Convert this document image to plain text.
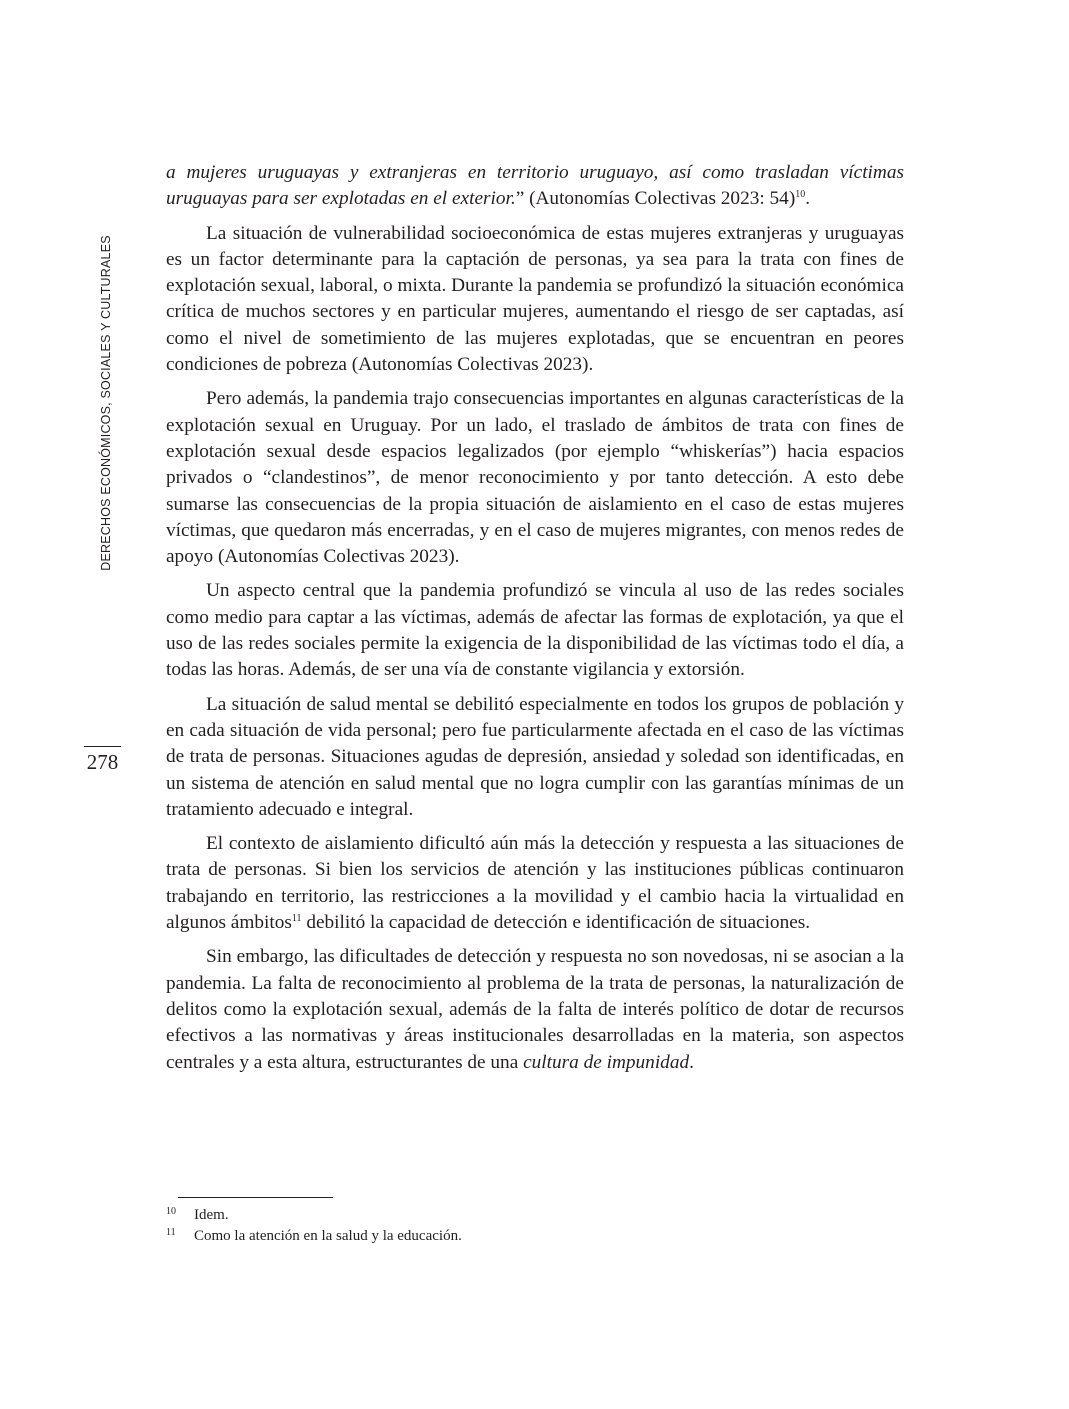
DERECHOS ECONÓMICOS, SOCIALES Y CULTURALES
278

a mujeres uruguayas y extranjeras en territorio uruguayo, así como trasladan víctimas uruguayas para ser explotadas en el exterior.” (Autonomías Colectivas 2023: 54)$^{10}$.

La situación de vulnerabilidad socioeconómica de estas mujeres extranjeras y uruguayas es un factor determinante para la captación de personas, ya sea para la trata con fines de explotación sexual, laboral, o mixta. Durante la pandemia se profundizó la situación económica crítica de muchos sectores y en particular mujeres, aumentando el riesgo de ser captadas, así como el nivel de sometimiento de las mujeres explotadas, que se encuentran en peores condiciones de pobreza (Autonomías Colectivas 2023).

Pero además, la pandemia trajo consecuencias importantes en algunas características de la explotación sexual en Uruguay. Por un lado, el traslado de ámbitos de trata con fines de explotación sexual desde espacios legalizados (por ejemplo “whiskerías”) hacia espacios privados o “clandestinos”, de menor reconocimiento y por tanto detección. A esto debe sumarse las consecuencias de la propia situación de aislamiento en el caso de estas mujeres víctimas, que quedaron más encerradas, y en el caso de mujeres migrantes, con menos redes de apoyo (Autonomías Colectivas 2023).

Un aspecto central que la pandemia profundizó se vincula al uso de las redes sociales como medio para captar a las víctimas, además de afectar las formas de explotación, ya que el uso de las redes sociales permite la exigencia de la disponibilidad de las víctimas todo el día, a todas las horas. Además, de ser una vía de constante vigilancia y extorsión.

La situación de salud mental se debilitó especialmente en todos los grupos de población y en cada situación de vida personal; pero fue particularmente afectada en el caso de las víctimas de trata de personas. Situaciones agudas de depresión, ansiedad y soledad son identificadas, en un sistema de atención en salud mental que no logra cumplir con las garantías mínimas de un tratamiento adecuado e integral.

El contexto de aislamiento dificultó aún más la detección y respuesta a las situaciones de trata de personas. Si bien los servicios de atención y las instituciones públicas continuaron trabajando en territorio, las restricciones a la movilidad y el cambio hacia la virtualidad en algunos ámbitos$^{11}$ debilitó la capacidad de detección e identificación de situaciones.

Sin embargo, las dificultades de detección y respuesta no son novedosas, ni se asocian a la pandemia. La falta de reconocimiento al problema de la trata de personas, la naturalización de delitos como la explotación sexual, además de la falta de interés político de dotar de recursos efectivos a las normativas y áreas institucionales desarrolladas en la materia, son aspectos centrales y a esta altura, estructurantes de una cultura de impunidad.

10	Idem.
11	Como la atención en la salud y la educación.
